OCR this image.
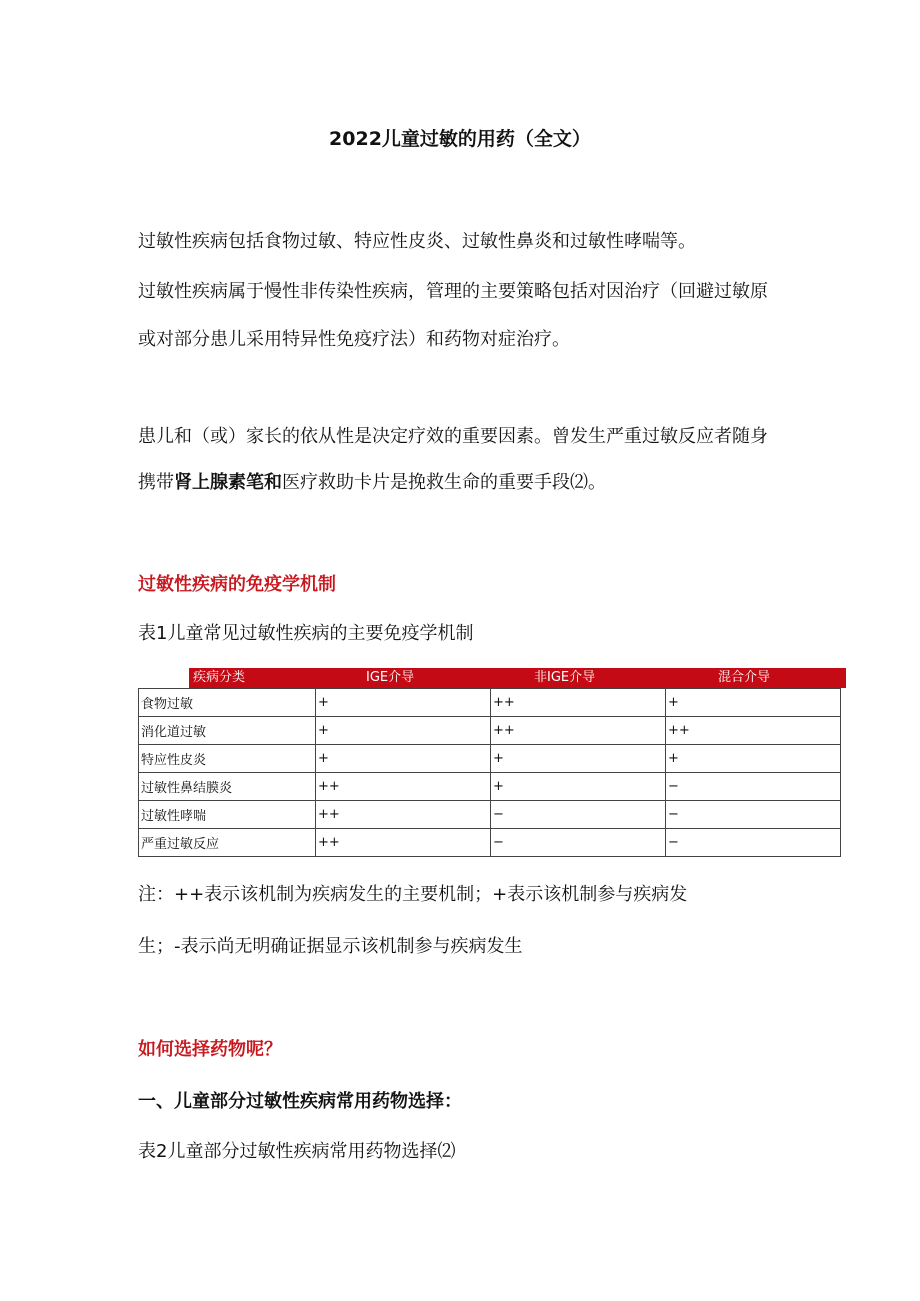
2022儿童过敏的用药（全文）

过敏性疾病包括食物过敏、特应性皮炎、过敏性鼻炎和过敏性哮喘等。

过敏性疾病属于慢性非传染性疾病，管理的主要策略包括对因治疗（回避过敏原

或对部分患儿采用特异性免疫疗法）和药物对症治疗。

患儿和（或）家长的依从性是决定疗效的重要因素。曾发生严重过敏反应者随身

携带肾上腺素笔和医疗救助卡片是挽救生命的重要手段⑵。

过敏性疾病的免疫学机制

表1儿童常见过敏性疾病的主要免疫学机制

疾病分类	IGE介导	非IGE介导	混合介导
食物过敏	+	++	+
消化道过敏	+	++	++
特应性皮炎	+	+	+
过敏性鼻结膜炎	++	+	−
过敏性哮喘	++	−	−
严重过敏反应	++	−	−

注：++表示该机制为疾病发生的主要机制；+表示该机制参与疾病发

生；-表示尚无明确证据显示该机制参与疾病发生

如何选择药物呢？
一、儿童部分过敏性疾病常用药物选择：

表2儿童部分过敏性疾病常用药物选择⑵
